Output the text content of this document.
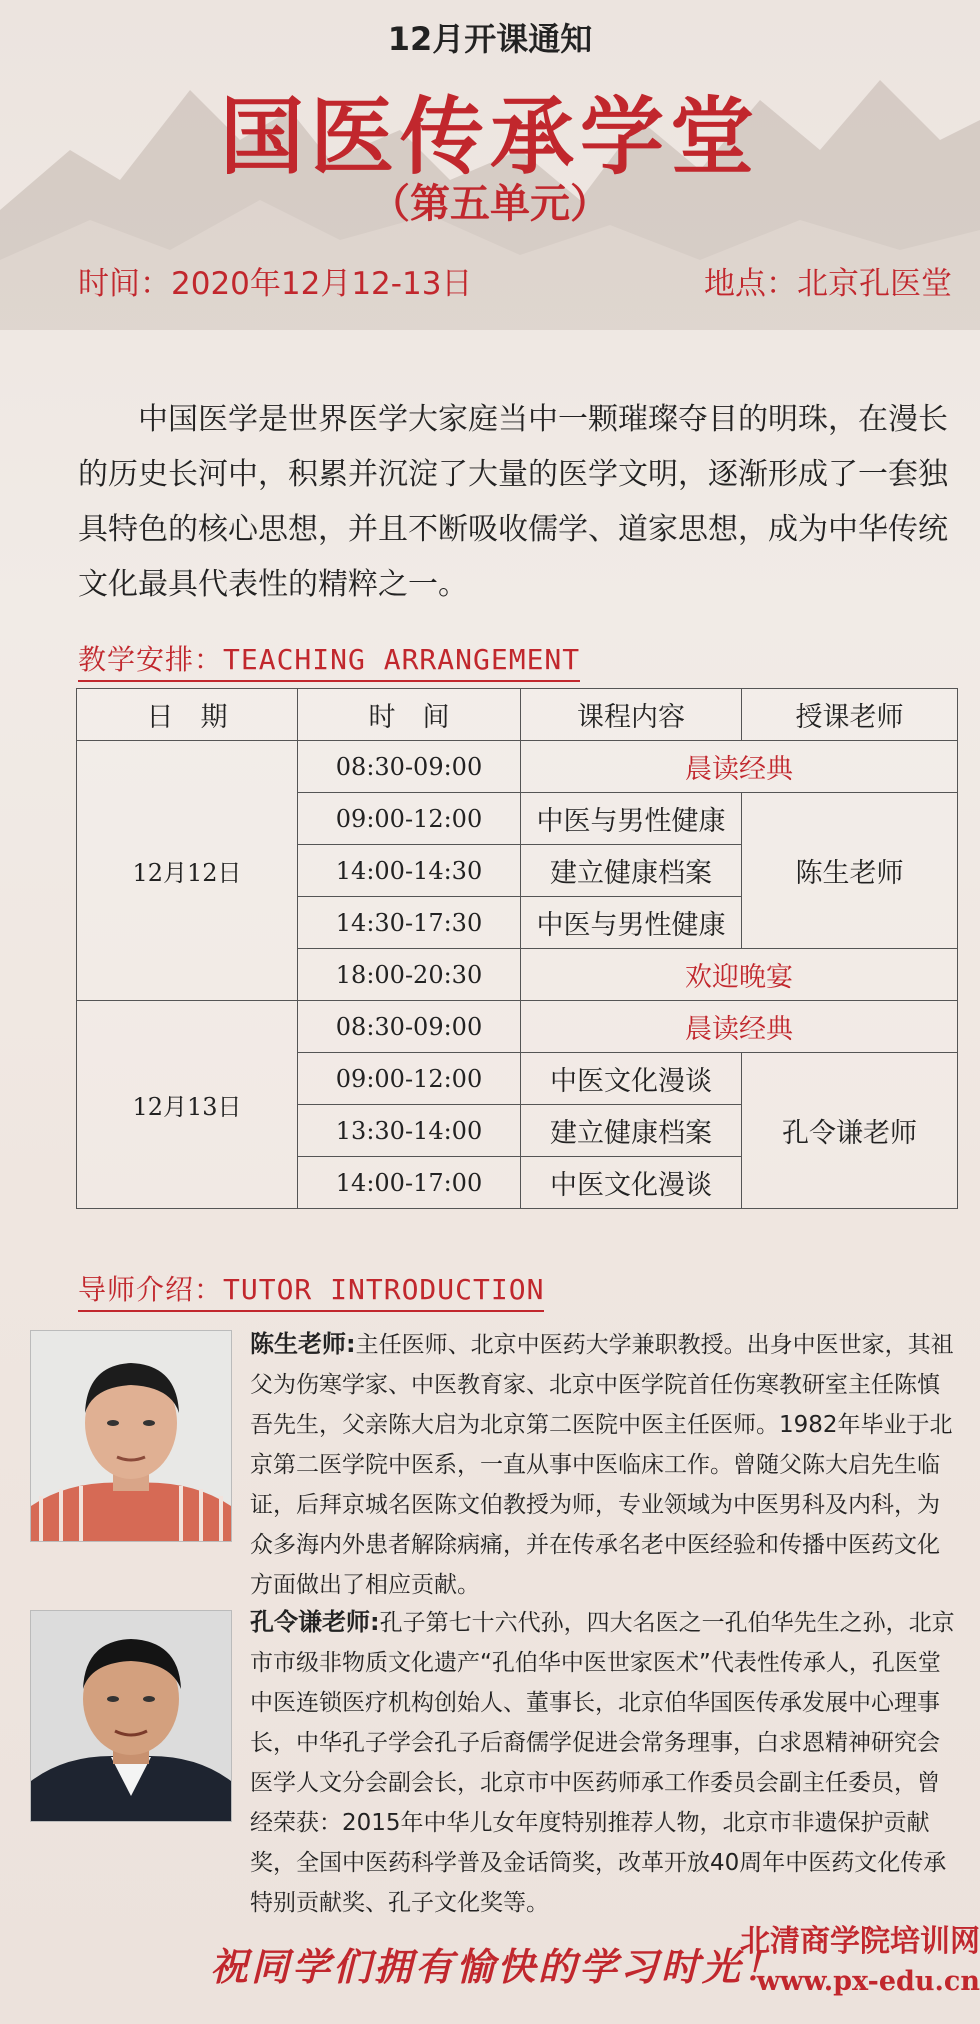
12月开课通知
国医传承学堂
（第五单元）
时间：2020年12月12-13日	地点：北京孔医堂
中国医学是世界医学大家庭当中一颗璀璨夺目的明珠，在漫长的历史长河中，积累并沉淀了大量的医学文明，逐渐形成了一套独具特色的核心思想，并且不断吸收儒学、道家思想，成为中华传统文化最具代表性的精粹之一。
教学安排：TEACHING ARRANGEMENT
日　期	时　间	课程内容	授课老师
12月12日	08:30-09:00	晨读经典	
	09:00-12:00	中医与男性健康	陈生老师
	14:00-14:30	建立健康档案	
	14:30-17:30	中医与男性健康	
	18:00-20:30	欢迎晚宴	
12月13日	08:30-09:00	晨读经典	
	09:00-12:00	中医文化漫谈	孔令谦老师
	13:30-14:00	建立健康档案	
	14:00-17:00	中医文化漫谈	
导师介绍：TUTOR INTRODUCTION
陈生老师:主任医师、北京中医药大学兼职教授。出身中医世家，其祖父为伤寒学家、中医教育家、北京中医学院首任伤寒教研室主任陈慎吾先生，父亲陈大启为北京第二医院中医主任医师。1982年毕业于北京第二医学院中医系，一直从事中医临床工作。曾随父陈大启先生临证，后拜京城名医陈文伯教授为师，专业领域为中医男科及内科，为众多海内外患者解除病痛，并在传承名老中医经验和传播中医药文化方面做出了相应贡献。
孔令谦老师:孔子第七十六代孙，四大名医之一孔伯华先生之孙，北京市市级非物质文化遗产“孔伯华中医世家医术”代表性传承人，孔医堂中医连锁医疗机构创始人、董事长，北京伯华国医传承发展中心理事长，中华孔子学会孔子后裔儒学促进会常务理事，白求恩精神研究会医学人文分会副会长，北京市中医药师承工作委员会副主任委员，曾经荣获：2015年中华儿女年度特别推荐人物，北京市非遗保护贡献奖，全国中医药科学普及金话筒奖，改革开放40周年中医药文化传承特别贡献奖、孔子文化奖等。
祝同学们拥有愉快的学习时光！
北清商学院培训网
www.px-edu.cn
